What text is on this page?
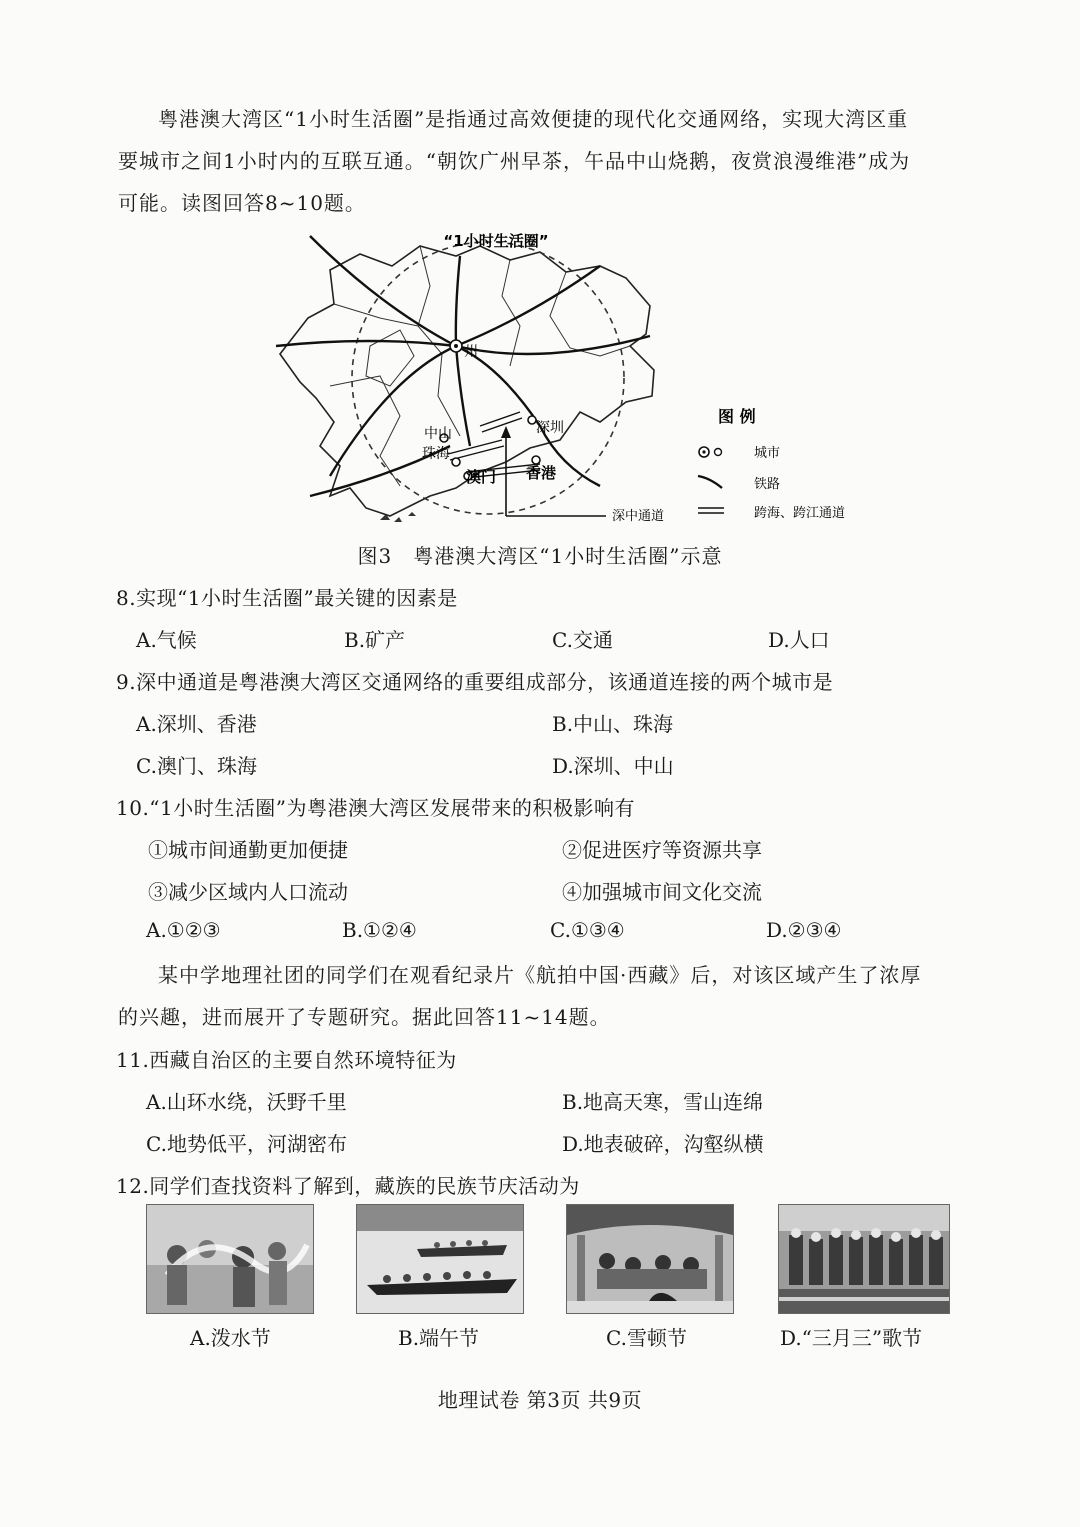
粤港澳大湾区“1小时生活圈”是指通过高效便捷的现代化交通网络，实现大湾区重
要城市之间1小时内的互联互通。“朝饮广州早茶，午品中山烧鹅，夜赏浪漫维港”成为
可能。读图回答8~10题。
“1小时生活圈”
州
中山
珠海
深圳
澳门 香港
深中通道
图 例
城市
铁路
跨海、跨江通道
图3　粤港澳大湾区“1小时生活圈”示意
8.实现“1小时生活圈”最关键的因素是
A.气候	B.矿产	C.交通	D.人口
9.深中通道是粤港澳大湾区交通网络的重要组成部分，该通道连接的两个城市是
A.深圳、香港	B.中山、珠海
C.澳门、珠海	D.深圳、中山
10.“1小时生活圈”为粤港澳大湾区发展带来的积极影响有
①城市间通勤更加便捷	②促进医疗等资源共享
③减少区域内人口流动	④加强城市间文化交流
A.①②③	B.①②④	C.①③④	D.②③④
某中学地理社团的同学们在观看纪录片《航拍中国·西藏》后，对该区域产生了浓厚
的兴趣，进而展开了专题研究。据此回答11~14题。
11.西藏自治区的主要自然环境特征为
A.山环水绕，沃野千里	B.地高天寒，雪山连绵
C.地势低平，河湖密布	D.地表破碎，沟壑纵横
12.同学们查找资料了解到，藏族的民族节庆活动为
A.泼水节	B.端午节	C.雪顿节	D.“三月三”歌节
地理试卷 第3页 共9页
